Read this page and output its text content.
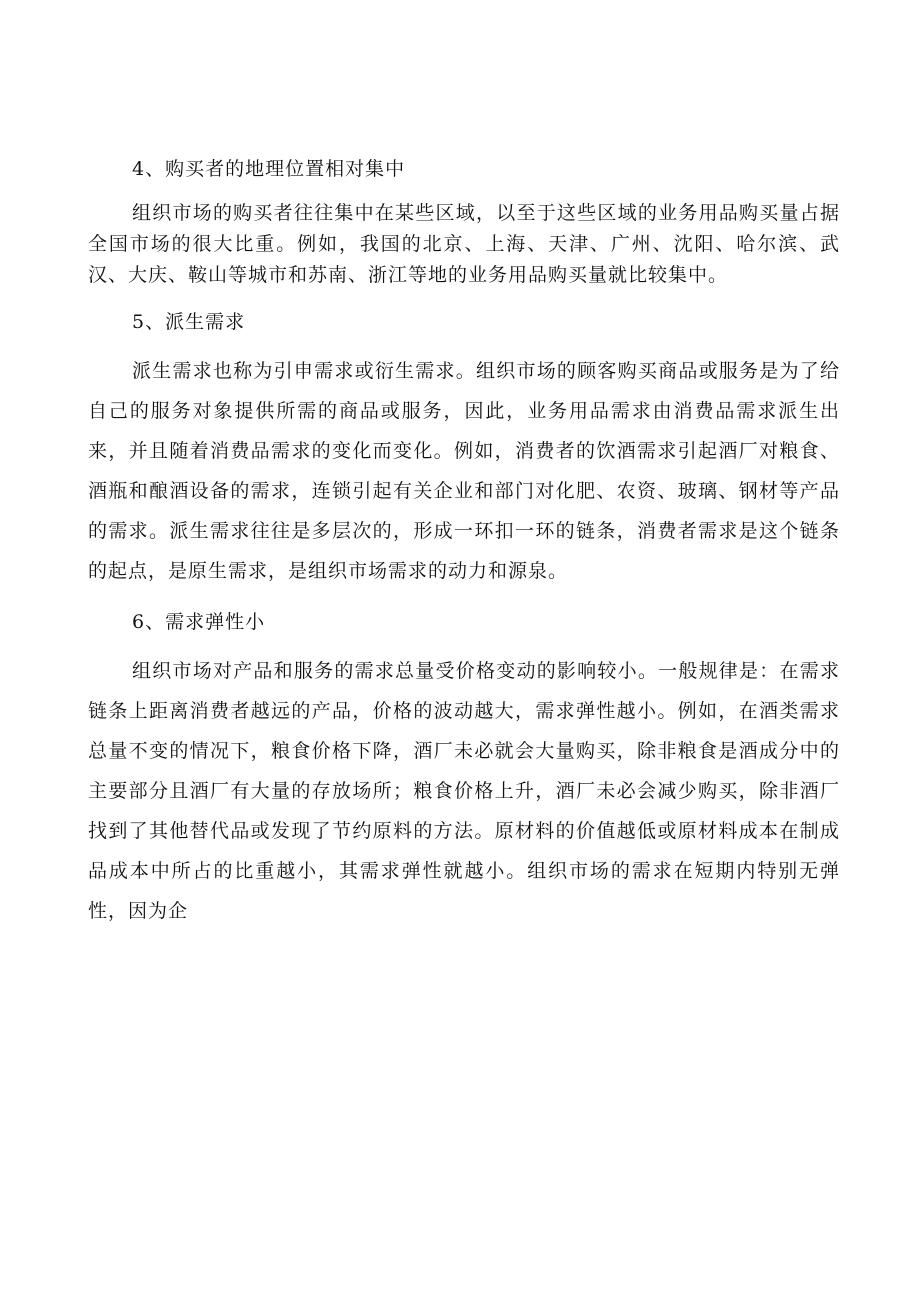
4、购买者的地理位置相对集中

组织市场的购买者往往集中在某些区域，以至于这些区域的业务用品购买量占据全国市场的很大比重。例如，我国的北京、上海、天津、广州、沈阳、哈尔滨、武汉、大庆、鞍山等城市和苏南、浙江等地的业务用品购买量就比较集中。

5、派生需求

派生需求也称为引申需求或衍生需求。组织市场的顾客购买商品或服务是为了给自己的服务对象提供所需的商品或服务，因此，业务用品需求由消费品需求派生出来，并且随着消费品需求的变化而变化。例如，消费者的饮酒需求引起酒厂对粮食、酒瓶和酿酒设备的需求，连锁引起有关企业和部门对化肥、农资、玻璃、钢材等产品的需求。派生需求往往是多层次的，形成一环扣一环的链条，消费者需求是这个链条的起点，是原生需求，是组织市场需求的动力和源泉。

6、需求弹性小

组织市场对产品和服务的需求总量受价格变动的影响较小。一般规律是：在需求链条上距离消费者越远的产品，价格的波动越大，需求弹性越小。例如，在酒类需求总量不变的情况下，粮食价格下降，酒厂未必就会大量购买，除非粮食是酒成分中的主要部分且酒厂有大量的存放场所；粮食价格上升，酒厂未必会减少购买，除非酒厂找到了其他替代品或发现了节约原料的方法。原材料的价值越低或原材料成本在制成品成本中所占的比重越小，其需求弹性就越小。组织市场的需求在短期内特别无弹性，因为企
